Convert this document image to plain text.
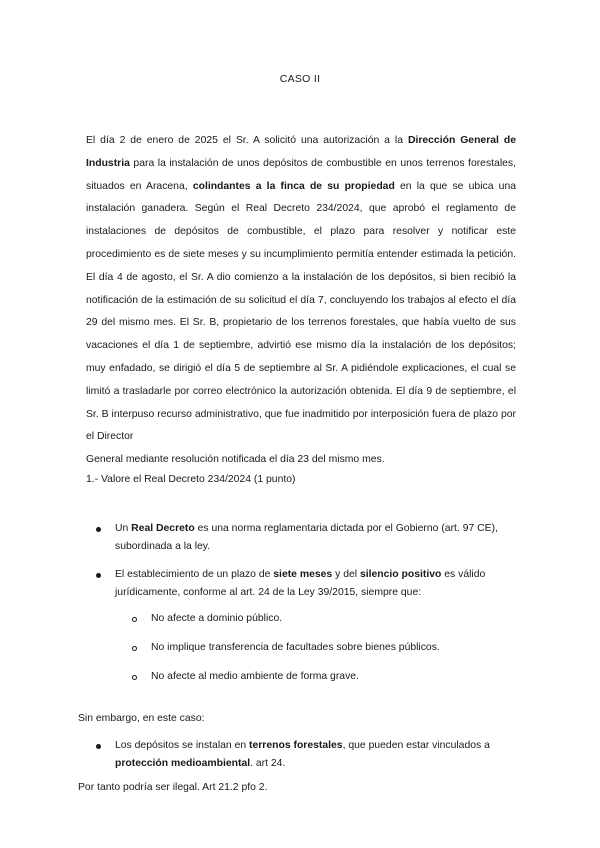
CASO II
El día 2 de enero de 2025 el Sr. A solicitó una autorización a la Dirección General de Industria para la instalación de unos depósitos de combustible en unos terrenos forestales, situados en Aracena, colindantes a la finca de su propiedad en la que se ubica una instalación ganadera. Según el Real Decreto 234/2024, que aprobó el reglamento de instalaciones de depósitos de combustible, el plazo para resolver y notificar este procedimiento es de siete meses y su incumplimiento permitía entender estimada la petición. El día 4 de agosto, el Sr. A dio comienzo a la instalación de los depósitos, si bien recibió la notificación de la estimación de su solicitud el día 7, concluyendo los trabajos al efecto el día 29 del mismo mes. El Sr. B, propietario de los terrenos forestales, que había vuelto de sus vacaciones el día 1 de septiembre, advirtió ese mismo día la instalación de los depósitos; muy enfadado, se dirigió el día 5 de septiembre al Sr. A pidiéndole explicaciones, el cual se limitó a trasladarle por correo electrónico la autorización obtenida. El día 9 de septiembre, el Sr. B interpuso recurso administrativo, que fue inadmitido por interposición fuera de plazo por el Director
General mediante resolución notificada el día 23 del mismo mes.
1.- Valore el Real Decreto 234/2024 (1 punto)
Un Real Decreto es una norma reglamentaria dictada por el Gobierno (art. 97 CE),
subordinada a la ley.
El establecimiento de un plazo de siete meses y del silencio positivo es válido
jurídicamente, conforme al art. 24 de la Ley 39/2015, siempre que:
No afecte a dominio público.
No implique transferencia de facultades sobre bienes públicos.
No afecte al medio ambiente de forma grave.
Sin embargo, en este caso:
Los depósitos se instalan en terrenos forestales, que pueden estar vinculados a
protección medioambiental. art 24.
Por tanto podría ser ilegal. Art 21.2 pfo 2.
